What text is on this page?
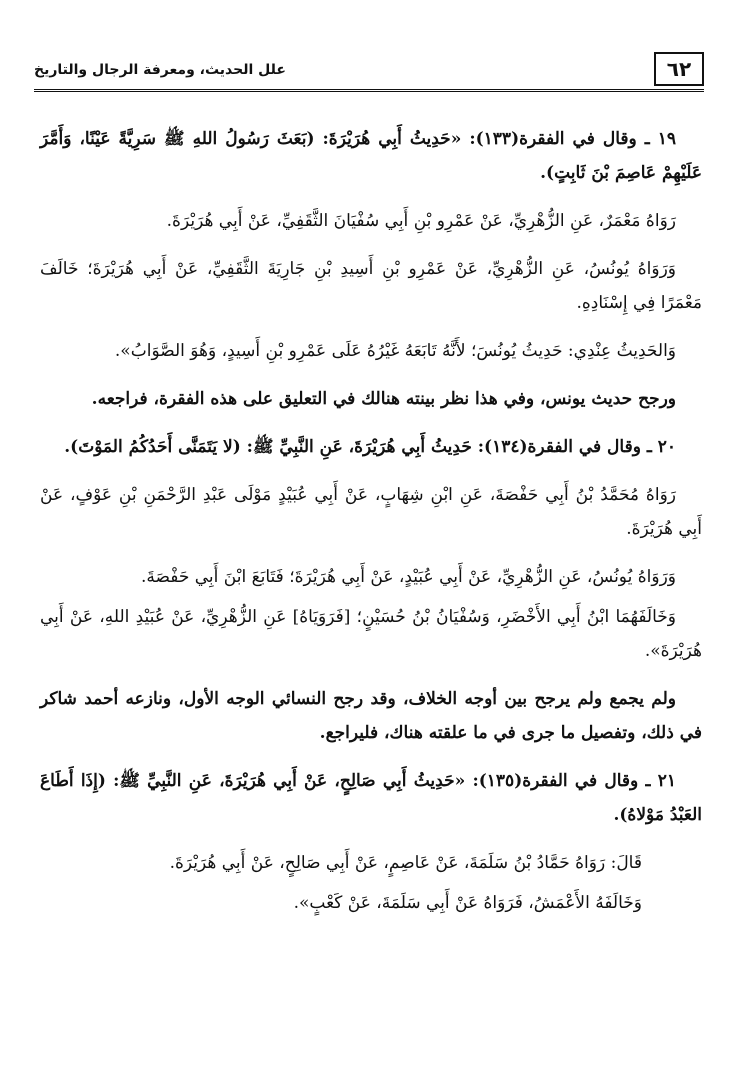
٦٢
علل الحديث، ومعرفة الرجال والتاريخ

١٩ ـ وقال في الفقرة(١٣٣): «حَدِيثُ أَبِي هُرَيْرَةَ: (بَعَثَ رَسُولُ اللهِ ﷺ سَرِيَّةً عَيْنًا، وَأَمَّرَ عَلَيْهِمْ عَاصِمَ بْنَ ثَابِتٍ).

رَوَاهُ مَعْمَرٌ، عَنِ الزُّهْرِيِّ، عَنْ عَمْرِو بْنِ أَبِي سُفْيَانَ الثَّقَفِيِّ، عَنْ أَبِي هُرَيْرَةَ.

وَرَوَاهُ يُونُسُ، عَنِ الزُّهْرِيِّ، عَنْ عَمْرِو بْنِ أَسِيدِ بْنِ جَارِيَةَ الثَّقَفِيِّ، عَنْ أَبِي هُرَيْرَةَ؛ خَالَفَ مَعْمَرًا فِي إِسْنَادِهِ.

وَالحَدِيثُ عِنْدِي: حَدِيثُ يُونُسَ؛ لأَنَّهُ تَابَعَهُ غَيْرُهُ عَلَى عَمْرِو بْنِ أَسِيدٍ، وَهُوَ الصَّوَابُ».

ورجح حديث يونس، وفي هذا نظر بينته هنالك في التعليق على هذه الفقرة، فراجعه.

٢٠ ـ وقال في الفقرة(١٣٤): حَدِيثُ أَبِي هُرَيْرَةَ، عَنِ النَّبِيِّ ﷺ: (لا يَتَمَنَّى أَحَدُكُمُ المَوْتَ).

رَوَاهُ مُحَمَّدُ بْنُ أَبِي حَفْصَةَ، عَنِ ابْنِ شِهَابٍ، عَنْ أَبِي عُبَيْدٍ مَوْلَى عَبْدِ الرَّحْمَنِ بْنِ عَوْفٍ، عَنْ أَبِي هُرَيْرَةَ.

وَرَوَاهُ يُونُسُ، عَنِ الزُّهْرِيِّ، عَنْ أَبِي عُبَيْدٍ، عَنْ أَبِي هُرَيْرَةَ؛ فَتَابَعَ ابْنَ أَبِي حَفْصَةَ.

وَخَالَفَهُمَا ابْنُ أَبِي الأَخْضَرِ، وَسُفْيَانُ بْنُ حُسَيْنٍ؛ [فَرَوَيَاهُ] عَنِ الزُّهْرِيِّ، عَنْ عُبَيْدِ اللهِ، عَنْ أَبِي هُرَيْرَةَ».

ولم يجمع ولم يرجح بين أوجه الخلاف، وقد رجح النسائي الوجه الأول، ونازعه أحمد شاكر في ذلك، وتفصيل ما جرى في ما علقته هناك، فليراجع.

٢١ ـ وقال في الفقرة(١٣٥): «حَدِيثُ أَبِي صَالِحٍ، عَنْ أَبِي هُرَيْرَةَ، عَنِ النَّبِيِّ ﷺ: (إِذَا أَطَاعَ العَبْدُ مَوْلاهُ).

قَالَ: رَوَاهُ حَمَّادُ بْنُ سَلَمَةَ، عَنْ عَاصِمٍ، عَنْ أَبِي صَالِحٍ، عَنْ أَبِي هُرَيْرَةَ.

وَخَالَفَهُ الأَعْمَشُ، فَرَوَاهُ عَنْ أَبِي سَلَمَةَ، عَنْ كَعْبٍ».
